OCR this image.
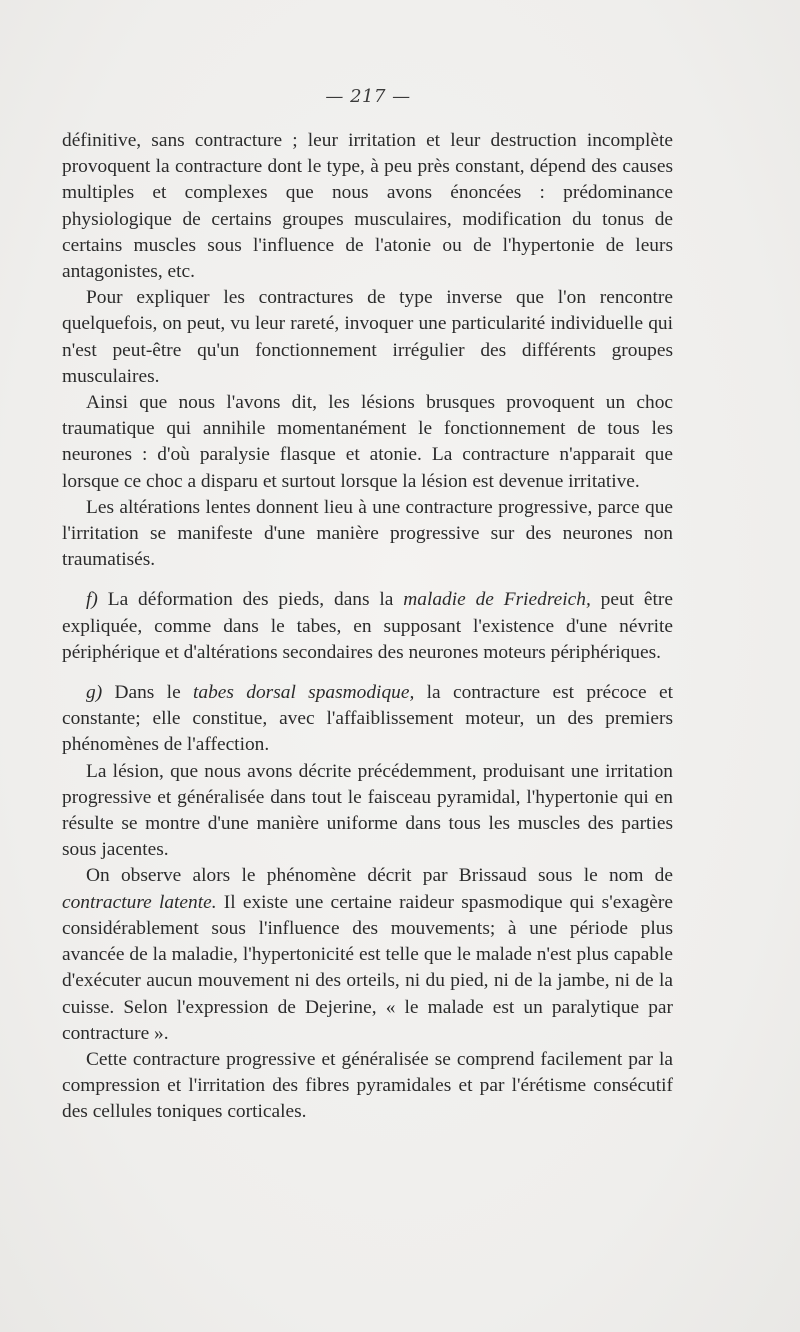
— 217 —

définitive, sans contracture ; leur irritation et leur destruction incomplète provoquent la contracture dont le type, à peu près constant, dépend des causes multiples et complexes que nous avons énoncées : prédominance physiologique de certains groupes musculaires, modification du tonus de certains muscles sous l'influence de l'atonie ou de l'hypertonie de leurs antagonistes, etc.

Pour expliquer les contractures de type inverse que l'on rencontre quelquefois, on peut, vu leur rareté, invoquer une particularité individuelle qui n'est peut-être qu'un fonctionnement irrégulier des différents groupes musculaires.

Ainsi que nous l'avons dit, les lésions brusques provoquent un choc traumatique qui annihile momentanément le fonctionnement de tous les neurones : d'où paralysie flasque et atonie. La contracture n'apparait que lorsque ce choc a disparu et surtout lorsque la lésion est devenue irritative.

Les altérations lentes donnent lieu à une contracture progressive, parce que l'irritation se manifeste d'une manière progressive sur des neurones non traumatisés.

f) La déformation des pieds, dans la maladie de Friedreich, peut être expliquée, comme dans le tabes, en supposant l'existence d'une névrite périphérique et d'altérations secondaires des neurones moteurs périphériques.

g) Dans le tabes dorsal spasmodique, la contracture est précoce et constante; elle constitue, avec l'affaiblissement moteur, un des premiers phénomènes de l'affection.

La lésion, que nous avons décrite précédemment, produisant une irritation progressive et généralisée dans tout le faisceau pyramidal, l'hypertonie qui en résulte se montre d'une manière uniforme dans tous les muscles des parties sous jacentes.

On observe alors le phénomène décrit par Brissaud sous le nom de contracture latente. Il existe une certaine raideur spasmodique qui s'exagère considérablement sous l'influence des mouvements; à une période plus avancée de la maladie, l'hypertonicité est telle que le malade n'est plus capable d'exécuter aucun mouvement ni des orteils, ni du pied, ni de la jambe, ni de la cuisse. Selon l'expression de Dejerine, « le malade est un paralytique par contracture ».

Cette contracture progressive et généralisée se comprend facilement par la compression et l'irritation des fibres pyramidales et par l'érétisme consécutif des cellules toniques corticales.
